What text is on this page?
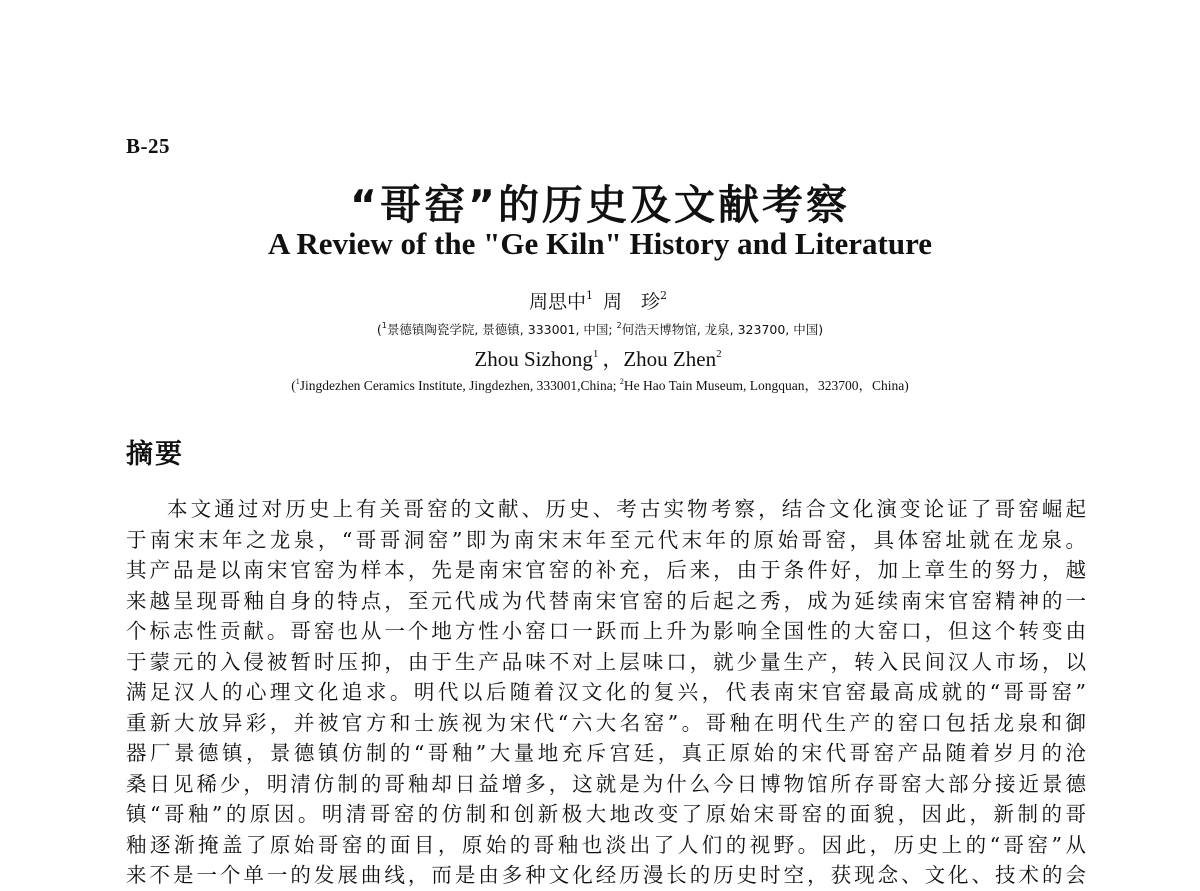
B-25
“哥窑”的历史及文献考察
A Review of the "Ge Kiln" History and Literature
周思中$^1$ 周　珍$^2$
($^1$景德镇陶瓷学院, 景德镇, 333001, 中国; $^2$何浩天博物馆, 龙泉, 323700, 中国)
Zhou Sizhong$^1$ ，Zhou Zhen$^2$
($^1$Jingdezhen Ceramics Institute, Jingdezhen, 333001,China; $^2$He Hao Tain Museum, Longquan，323700，China)
摘要
本文通过对历史上有关哥窑的文献、历史、考古实物考察，结合文化演变论证了哥窑崛起
于南宋末年之龙泉，“哥哥洞窑”即为南宋末年至元代末年的原始哥窑，具体窑址就在龙泉。
其产品是以南宋官窑为样本，先是南宋官窑的补充，后来，由于条件好，加上章生的努力，越
来越呈现哥釉自身的特点，至元代成为代替南宋官窑的后起之秀，成为延续南宋官窑精神的一
个标志性贡献。哥窑也从一个地方性小窑口一跃而上升为影响全国性的大窑口，但这个转变由
于蒙元的入侵被暂时压抑，由于生产品味不对上层味口，就少量生产，转入民间汉人市场，以
满足汉人的心理文化追求。明代以后随着汉文化的复兴，代表南宋官窑最高成就的“哥哥窑”
重新大放异彩，并被官方和士族视为宋代“六大名窑”。哥釉在明代生产的窑口包括龙泉和御
器厂景德镇，景德镇仿制的“哥釉”大量地充斥宫廷，真正原始的宋代哥窑产品随着岁月的沧
桑日见稀少，明清仿制的哥釉却日益增多，这就是为什么今日博物馆所存哥窑大部分接近景德
镇“哥釉”的原因。明清哥窑的仿制和创新极大地改变了原始宋哥窑的面貌，因此，新制的哥
釉逐渐掩盖了原始哥窑的面目，原始的哥釉也淡出了人们的视野。因此，历史上的“哥窑”从
来不是一个单一的发展曲线，而是由多种文化经历漫长的历史时空，获现念、文化、技术的会
